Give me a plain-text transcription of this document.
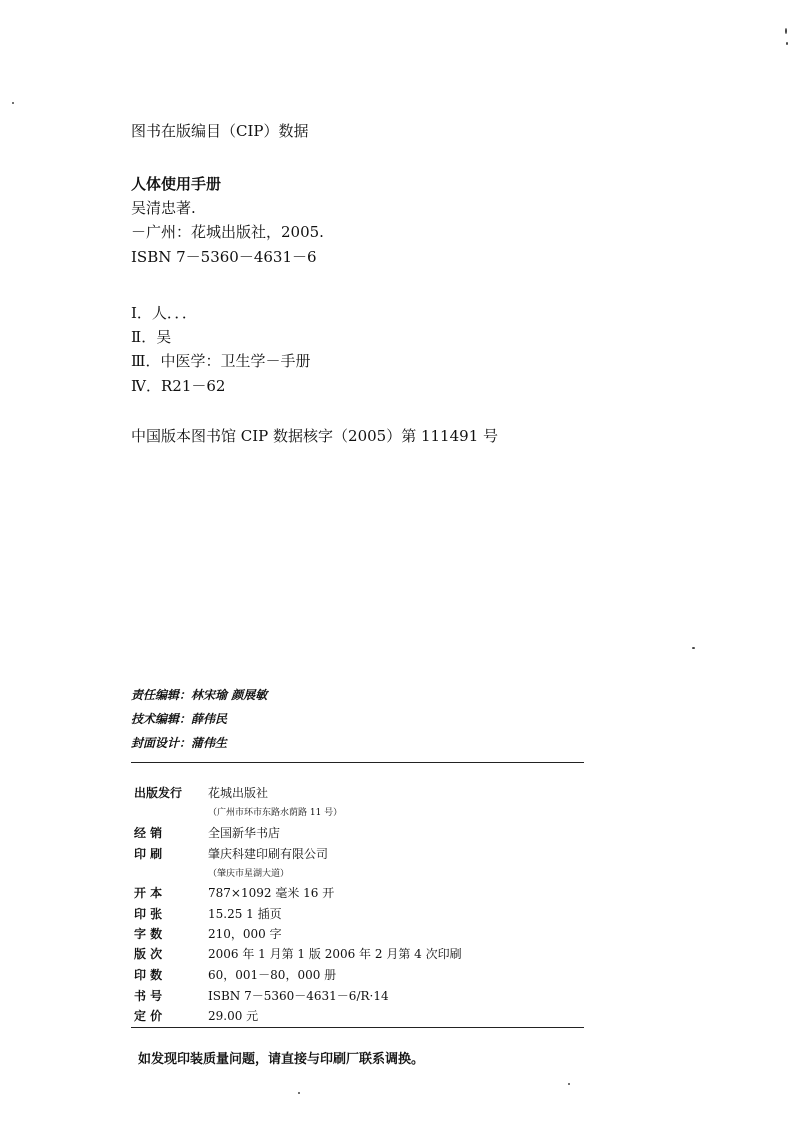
图书在版编目（CIP）数据
人体使用手册
吴清忠著.
－广州：花城出版社，2005.
ISBN 7－5360－4631－6
Ⅰ．人．．．
Ⅱ．吴
Ⅲ．中医学：卫生学－手册
Ⅳ．R21－62
中国版本图书馆 CIP 数据核字（2005）第 111491 号
责任编辑：林宋瑜 颜展敏
技术编辑：薛伟民
封面设计：蒲伟生
出版发行 花城出版社
（广州市环市东路水荫路 11 号）
经 销	全国新华书店
印 刷	肇庆科建印刷有限公司
（肇庆市星湖大道）
开 本	787×1092 毫米 16 开
印 张	15.25 1 插页
字 数	210，000 字
版 次	2006 年 1 月第 1 版 2006 年 2 月第 4 次印刷
印 数	60，001－80，000 册
书 号	ISBN 7－5360－4631－6/R·14
定 价	29.00 元
如发现印装质量问题，请直接与印刷厂联系调换。
